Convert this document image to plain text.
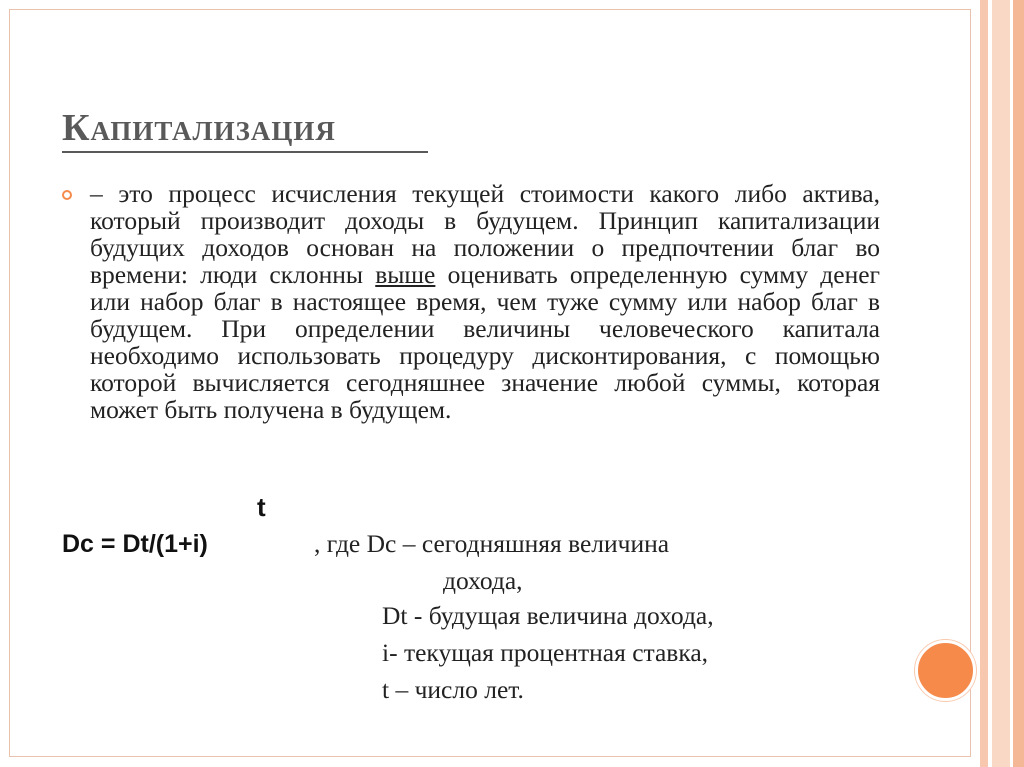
Капитализация
– это процесс исчисления текущей стоимости какого либо актива, который производит доходы в будущем. Принцип капитализации будущих доходов основан на положении о предпочтении благ во времени: люди склонны выше оценивать определенную сумму денег или набор благ в настоящее время, чем туже сумму или набор благ в будущем. При определении величины человеческого капитала необходимо использовать процедуру дисконтирования, с помощью которой вычисляется сегодняшнее значение любой суммы, которая может быть получена в будущем.
t
Dc = Dt/(1+i)	, где Dc – сегодняшняя величина
дохода,
Dt - будущая величина дохода,
i- текущая процентная ставка,
t – число лет.
